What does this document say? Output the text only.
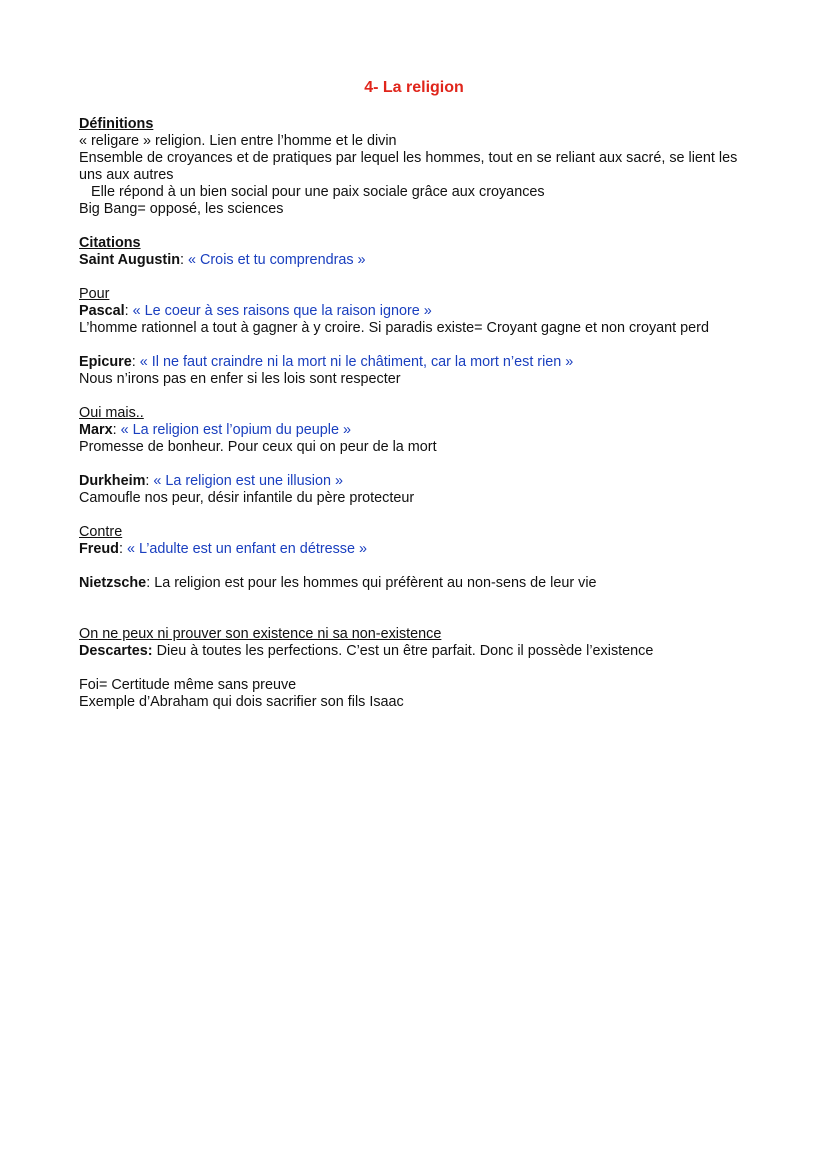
4- La religion
Définitions
« religare » religion. Lien entre l’homme et le divin
Ensemble de croyances et de pratiques par lequel les hommes, tout en se reliant aux sacré, se lient les uns aux autres
Elle répond à un bien social pour une paix sociale grâce aux croyances
Big Bang= opposé, les sciences
Citations
Saint Augustin: « Crois et tu comprendras »
Pour
Pascal: « Le coeur à ses raisons que la raison ignore »
L’homme rationnel a tout à gagner à y croire. Si paradis existe= Croyant gagne et non croyant perd
Epicure: « Il ne faut craindre ni la mort ni le châtiment, car la mort n’est rien »
Nous n’irons pas en enfer si les lois sont respecter
Oui mais..
Marx: « La religion est l’opium du peuple »
Promesse de bonheur. Pour ceux qui on peur de la mort
Durkheim: « La religion est une illusion »
Camoufle nos peur, désir infantile du père protecteur
Contre
Freud: « L’adulte est un enfant en détresse »
Nietzsche: La religion est pour les hommes qui préfèrent au non-sens de leur vie
On ne peux ni prouver son existence ni sa non-existence
Descartes: Dieu à toutes les perfections. C’est un être parfait. Donc il possède l’existence
Foi= Certitude même sans preuve
Exemple d’Abraham qui dois sacrifier son fils Isaac
